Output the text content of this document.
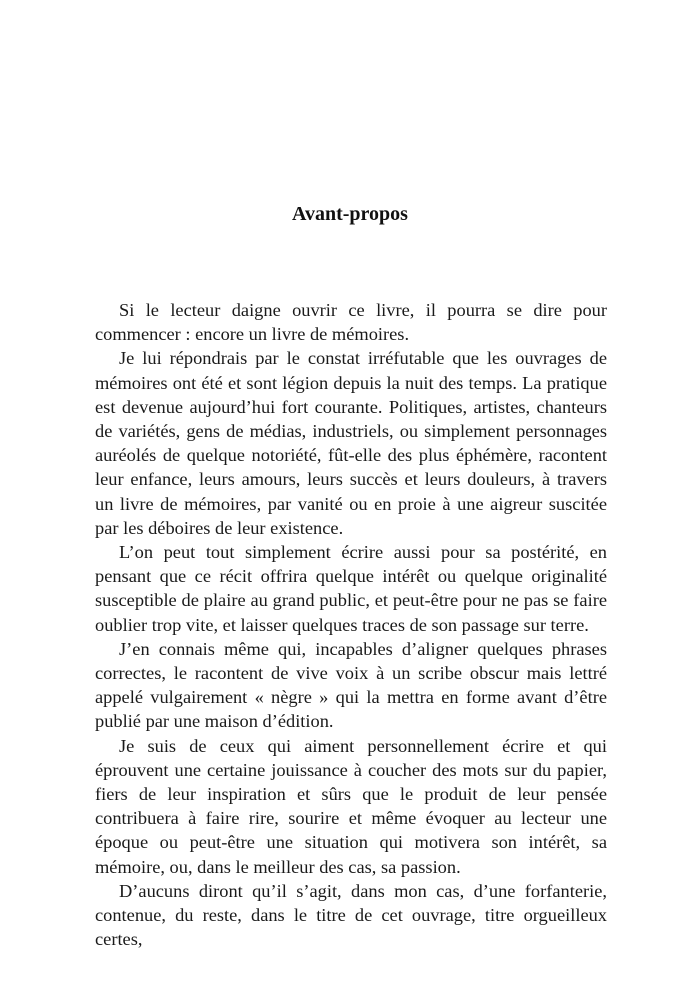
Avant-propos

Si le lecteur daigne ouvrir ce livre, il pourra se dire pour commencer : encore un livre de mémoires.

Je lui répondrais par le constat irréfutable que les ouvrages de mémoires ont été et sont légion depuis la nuit des temps. La pratique est devenue aujourd’hui fort courante. Politiques, artistes, chanteurs de variétés, gens de médias, industriels, ou simplement personnages auréolés de quelque notoriété, fût-elle des plus éphémère, racontent leur enfance, leurs amours, leurs succès et leurs douleurs, à travers un livre de mémoires, par vanité ou en proie à une aigreur suscitée par les déboires de leur existence.

L’on peut tout simplement écrire aussi pour sa postérité, en pensant que ce récit offrira quelque intérêt ou quelque originalité susceptible de plaire au grand public, et peut-être pour ne pas se faire oublier trop vite, et laisser quelques traces de son passage sur terre.

J’en connais même qui, incapables d’aligner quelques phrases correctes, le racontent de vive voix à un scribe obscur mais lettré appelé vulgairement « nègre » qui la mettra en forme avant d’être publié par une maison d’édition.

Je suis de ceux qui aiment personnellement écrire et qui éprouvent une certaine jouissance à coucher des mots sur du papier, fiers de leur inspiration et sûrs que le produit de leur pensée contribuera à faire rire, sourire et même évoquer au lecteur une époque ou peut-être une situation qui motivera son intérêt, sa mémoire, ou, dans le meilleur des cas, sa passion.

D’aucuns diront qu’il s’agit, dans mon cas, d’une forfanterie, contenue, du reste, dans le titre de cet ouvrage, titre orgueilleux certes,
